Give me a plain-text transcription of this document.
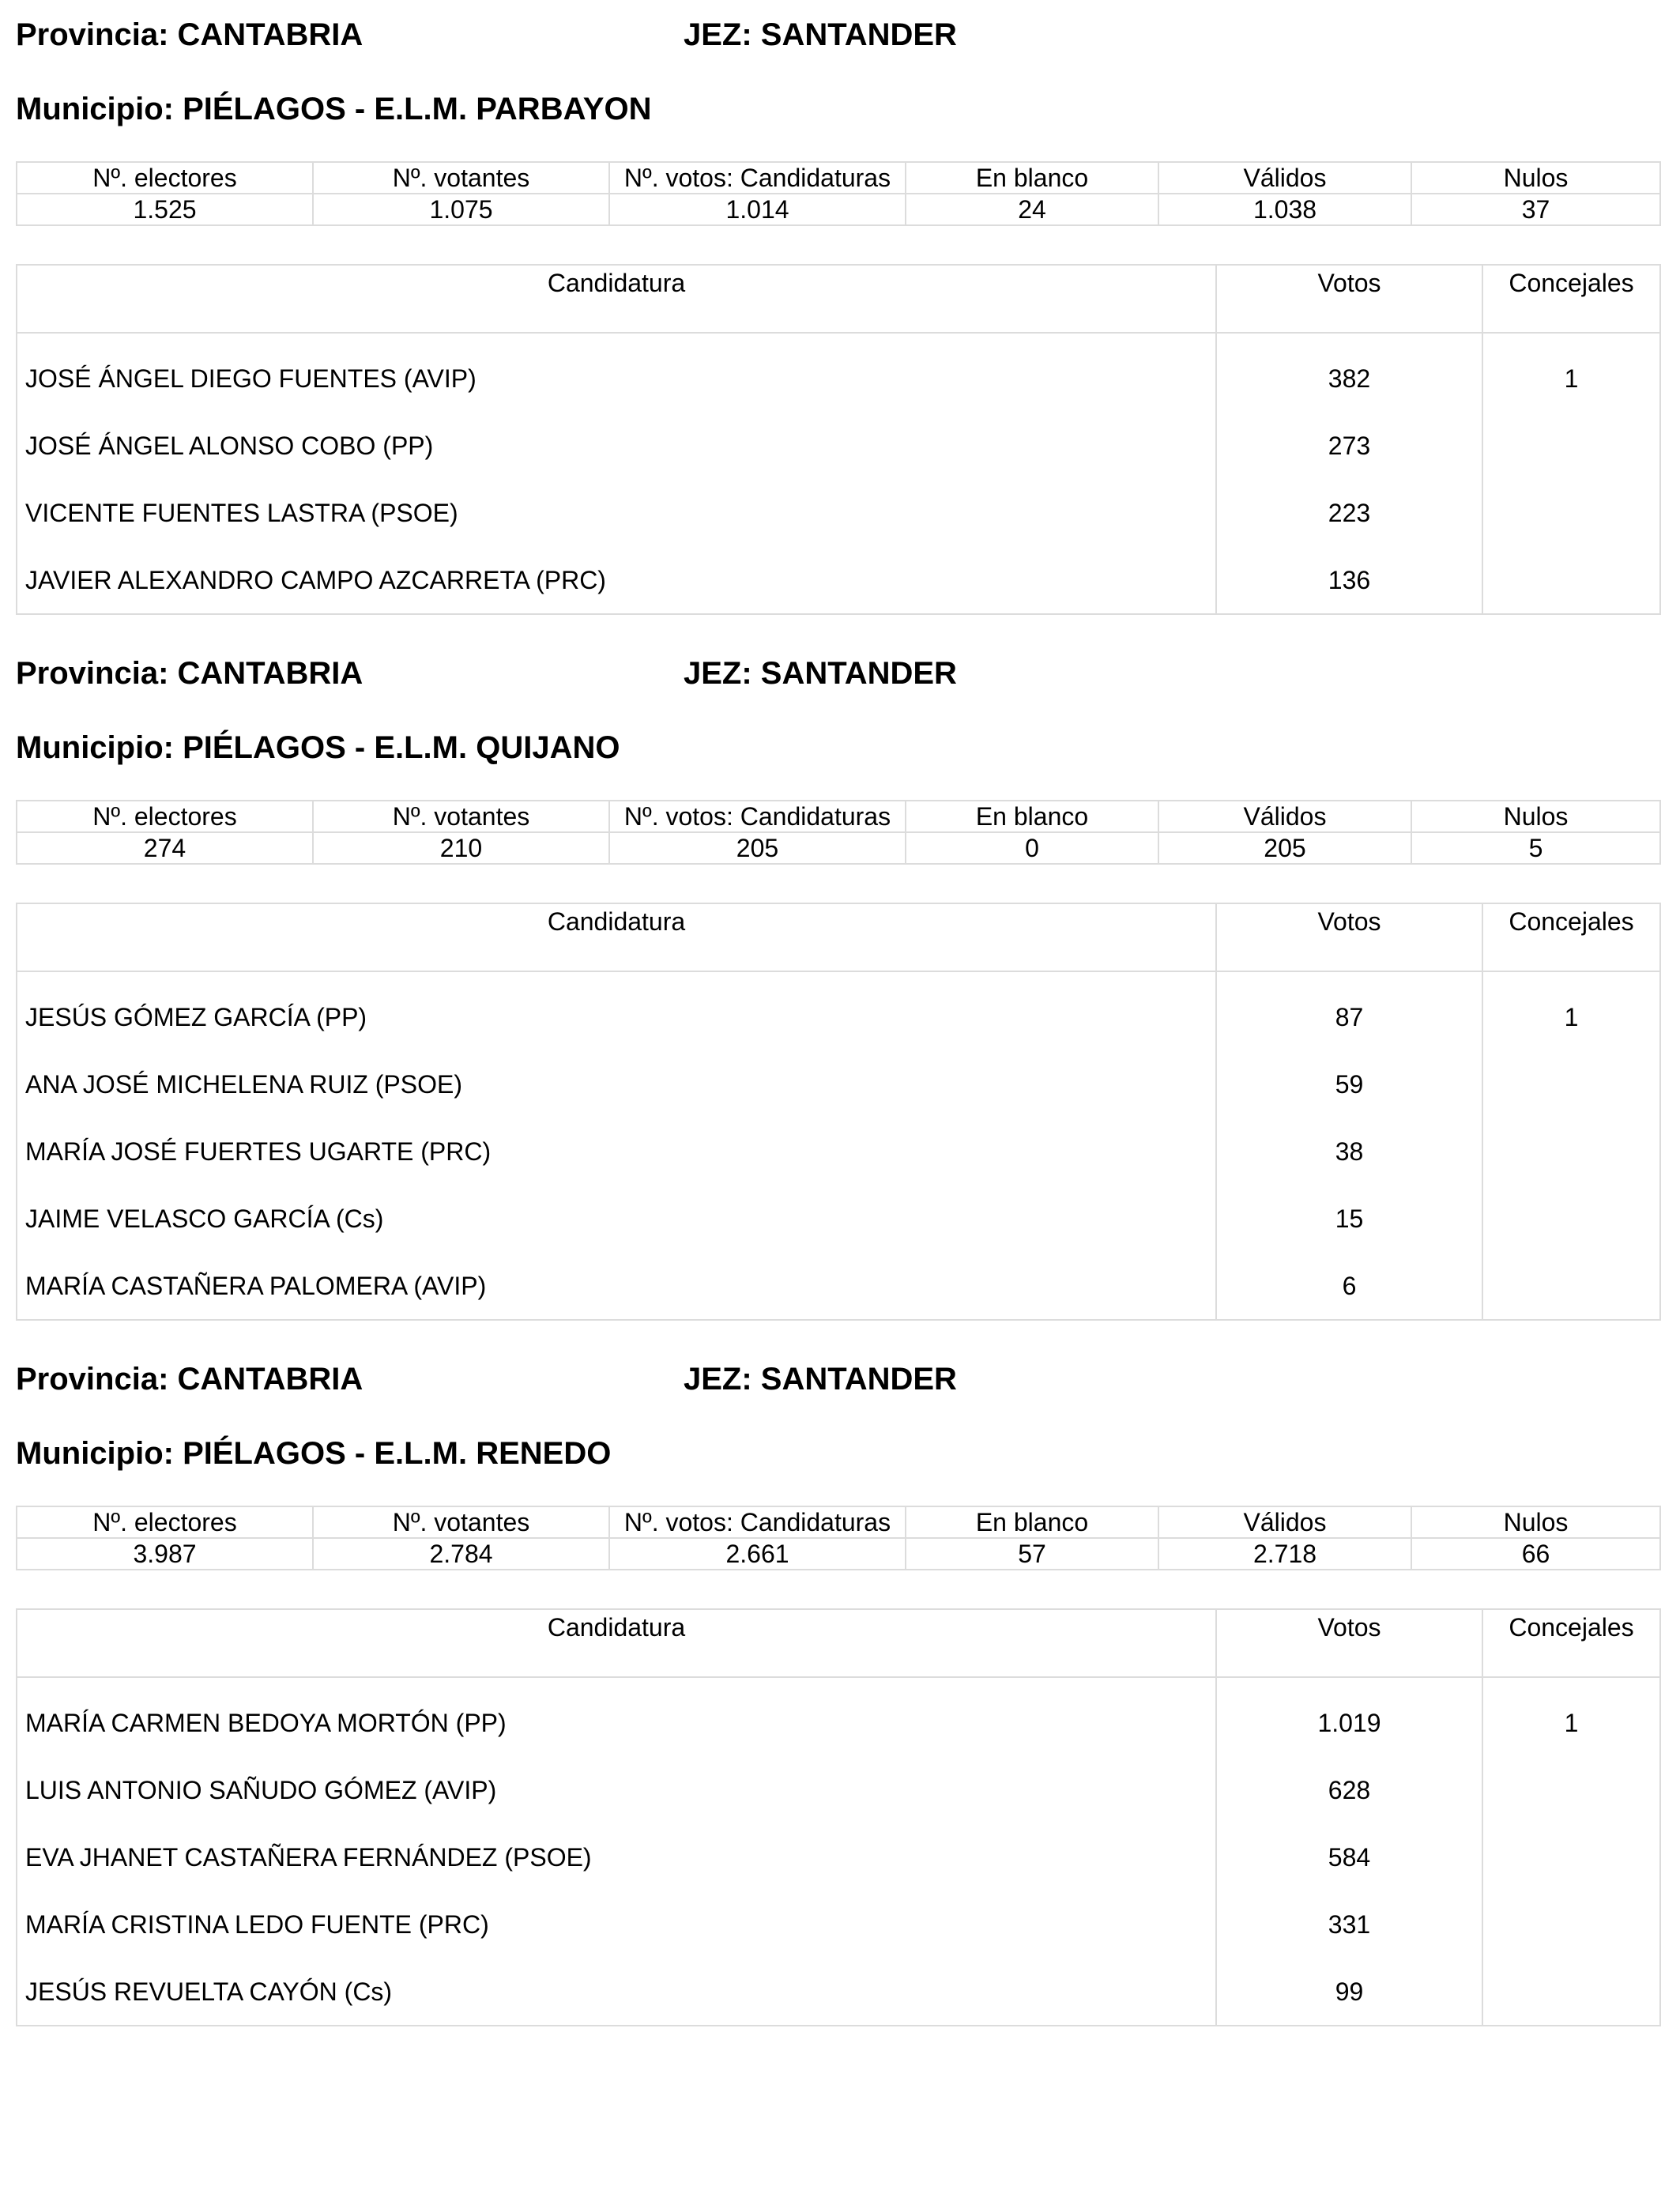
Provincia: CANTABRIA	JEZ: SANTANDER
Municipio: PIÉLAGOS - E.L.M. PARBAYON
Nº. electores	Nº. votantes	Nº. votos: Candidaturas	En blanco	Válidos	Nulos
1.525	1.075	1.014	24	1.038	37
Candidatura	Votos	Concejales
JOSÉ ÁNGEL DIEGO FUENTES (AVIP)	382	1
JOSÉ ÁNGEL ALONSO COBO (PP)	273	
VICENTE FUENTES LASTRA (PSOE)	223	
JAVIER ALEXANDRO CAMPO AZCARRETA (PRC)	136	
Provincia: CANTABRIA	JEZ: SANTANDER
Municipio: PIÉLAGOS - E.L.M. QUIJANO
Nº. electores	Nº. votantes	Nº. votos: Candidaturas	En blanco	Válidos	Nulos
274	210	205	0	205	5
Candidatura	Votos	Concejales
JESÚS GÓMEZ GARCÍA (PP)	87	1
ANA JOSÉ MICHELENA RUIZ (PSOE)	59	
MARÍA JOSÉ FUERTES UGARTE (PRC)	38	
JAIME VELASCO GARCÍA (Cs)	15	
MARÍA CASTAÑERA PALOMERA (AVIP)	6	
Provincia: CANTABRIA	JEZ: SANTANDER
Municipio: PIÉLAGOS - E.L.M. RENEDO
Nº. electores	Nº. votantes	Nº. votos: Candidaturas	En blanco	Válidos	Nulos
3.987	2.784	2.661	57	2.718	66
Candidatura	Votos	Concejales
MARÍA CARMEN BEDOYA MORTÓN (PP)	1.019	1
LUIS ANTONIO SAÑUDO GÓMEZ (AVIP)	628	
EVA JHANET CASTAÑERA FERNÁNDEZ (PSOE)	584	
MARÍA CRISTINA LEDO FUENTE (PRC)	331	
JESÚS REVUELTA CAYÓN (Cs)	99	
